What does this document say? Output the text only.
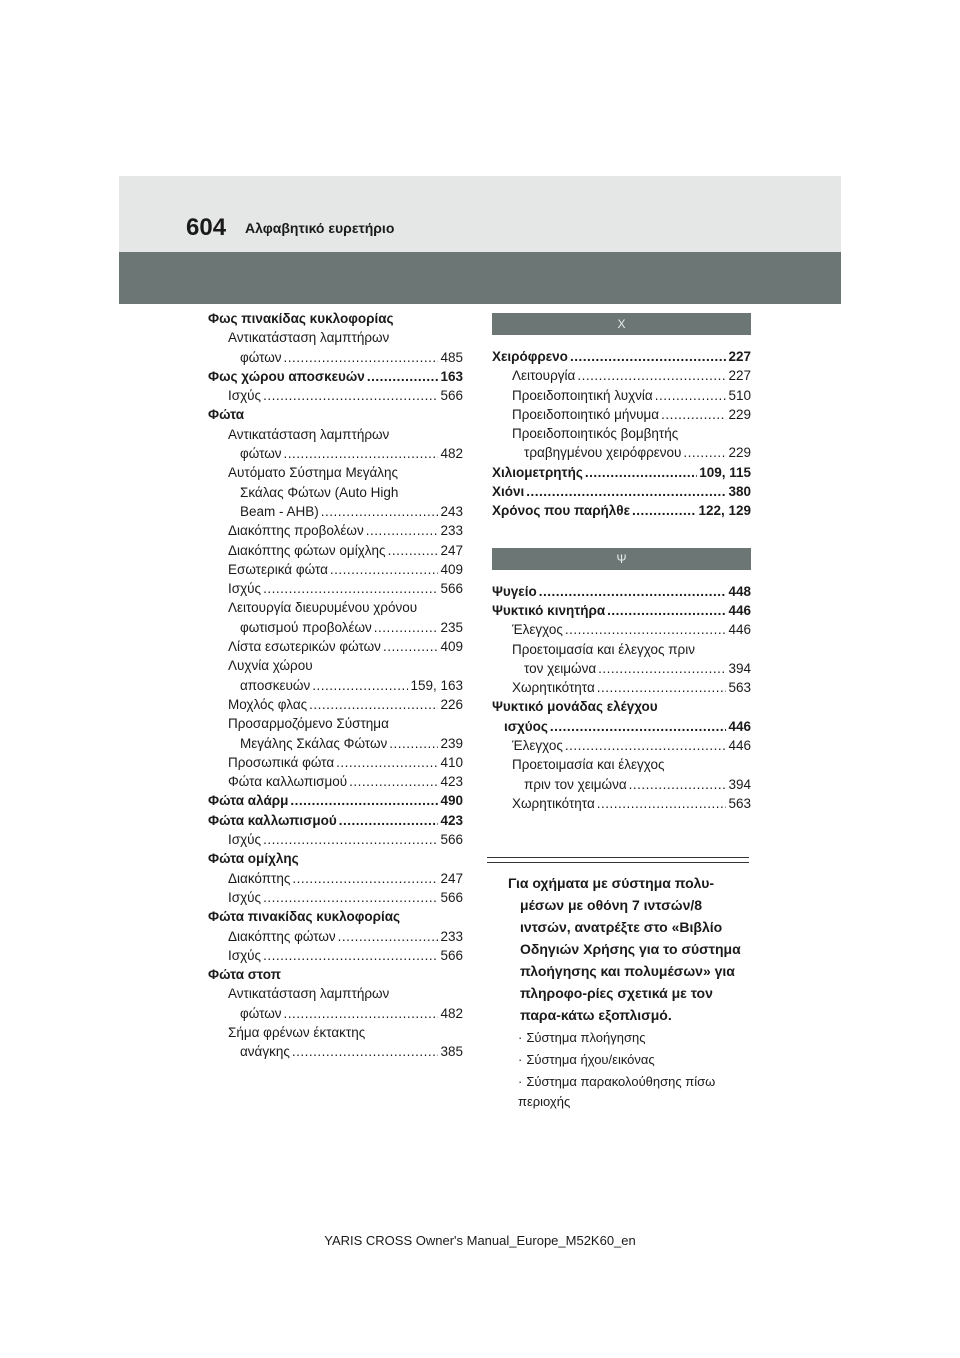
604 Αλφαβητικό ευρετήριο
Φως πινακίδας κυκλοφορίας
Αντικατάσταση λαμπτήρων
φώτων .....	485
Φως χώρου αποσκευών .....	163
Ισχύς .....	566
Φώτα
Αντικατάσταση λαμπτήρων
φώτων .....	482
Αυτόματο Σύστημα Μεγάλης
Σκάλας Φώτων (Auto High
Beam - AHB) .....	243
Διακόπτης προβολέων .....	233
Διακόπτης φώτων ομίχλης .....	247
Εσωτερικά φώτα .....	409
Ισχύς .....	566
Λειτουργία διευρυμένου χρόνου
φωτισμού προβολέων .....	235
Λίστα εσωτερικών φώτων .....	409
Λυχνία χώρου
αποσκευών .....	159, 163
Μοχλός φλας .....	226
Προσαρμοζόμενο Σύστημα
Μεγάλης Σκάλας Φώτων .....	239
Προσωπικά φώτα .....	410
Φώτα καλλωπισμού .....	423
Φώτα αλάρμ .....	490
Φώτα καλλωπισμού .....	423
Ισχύς .....	566
Φώτα ομίχλης
Διακόπτης .....	247
Ισχύς .....	566
Φώτα πινακίδας κυκλοφορίας
Διακόπτης φώτων .....	233
Ισχύς .....	566
Φώτα στοπ
Αντικατάσταση λαμπτήρων
φώτων .....	482
Σήμα φρένων έκτακτης
ανάγκης .....	385
Χ
Χειρόφρενο .....	227
Λειτουργία .....	227
Προειδοποιητική λυχνία .....	510
Προειδοποιητικό μήνυμα .....	229
Προειδοποιητικός βομβητής
τραβηγμένου χειρόφρενου .....	229
Χιλιομετρητής .....	109, 115
Χιόνι .....	380
Χρόνος που παρήλθε .....	122, 129
Ψ
Ψυγείο .....	448
Ψυκτικό κινητήρα .....	446
Έλεγχος .....	446
Προετοιμασία και έλεγχος πριν
τον χειμώνα .....	394
Χωρητικότητα .....	563
Ψυκτικό μονάδας ελέγχου
ισχύος .....	446
Έλεγχος .....	446
Προετοιμασία και έλεγχος
πριν τον χειμώνα .....	394
Χωρητικότητα .....	563
Για οχήματα με σύστημα πολυ-μέσων με οθόνη 7 ιντσών/8 ιντσών, ανατρέξτε στο «Βιβλίο Οδηγιών Χρήσης για το σύστημα πλοήγησης και πολυμέσων» για πληροφο-ρίες σχετικά με τον παρα-κάτω εξοπλισμό.
· Σύστημα πλοήγησης
· Σύστημα ήχου/εικόνας
· Σύστημα παρακολούθησης πίσω περιοχής
YARIS CROSS Owner's Manual_Europe_M52K60_en
